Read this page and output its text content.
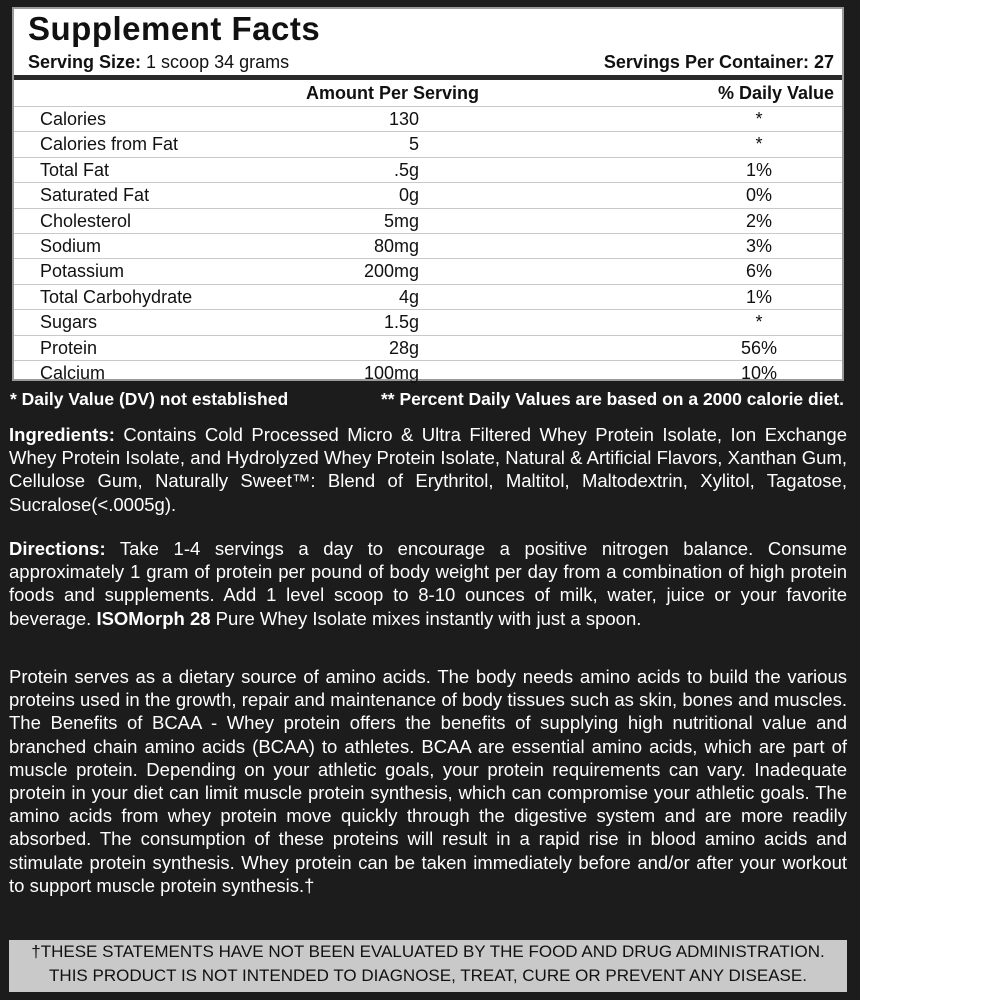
Supplement Facts
Serving Size: 1 scoop 34 grams	Servings Per Container: 27
Amount Per Serving	% Daily Value
Calories	130	*
Calories from Fat	5	*
Total Fat	.5g	1%
Saturated Fat	0g	0%
Cholesterol	5mg	2%
Sodium	80mg	3%
Potassium	200mg	6%
Total Carbohydrate	4g	1%
Sugars	1.5g	*
Protein	28g	56%
Calcium	100mg	10%
* Daily Value (DV) not established	** Percent Daily Values are based on a 2000 calorie diet.
Ingredients: Contains Cold Processed Micro & Ultra Filtered Whey Protein Isolate, Ion Exchange Whey Protein Isolate, and Hydrolyzed Whey Protein Isolate, Natural & Artificial Flavors, Xanthan Gum, Cellulose Gum, Naturally Sweet™: Blend of Erythritol, Maltitol, Maltodextrin, Xylitol, Tagatose, Sucralose(<.0005g).
Directions: Take 1-4 servings a day to encourage a positive nitrogen balance. Consume approximately 1 gram of protein per pound of body weight per day from a combination of high protein foods and supplements. Add 1 level scoop to 8-10 ounces of milk, water, juice or your favorite beverage. ISOMorph 28 Pure Whey Isolate mixes instantly with just a spoon.
Protein serves as a dietary source of amino acids. The body needs amino acids to build the various proteins used in the growth, repair and maintenance of body tissues such as skin, bones and muscles. The Benefits of BCAA - Whey protein offers the benefits of supplying high nutritional value and branched chain amino acids (BCAA) to athletes. BCAA are essential amino acids, which are part of muscle protein. Depending on your athletic goals, your protein requirements can vary. Inadequate protein in your diet can limit muscle protein synthesis, which can compromise your athletic goals. The amino acids from whey protein move quickly through the digestive system and are more readily absorbed. The consumption of these proteins will result in a rapid rise in blood amino acids and stimulate protein synthesis. Whey protein can be taken immediately before and/or after your workout to support muscle protein synthesis.†
†THESE STATEMENTS HAVE NOT BEEN EVALUATED BY THE FOOD AND DRUG ADMINISTRATION.
THIS PRODUCT IS NOT INTENDED TO DIAGNOSE, TREAT, CURE OR PREVENT ANY DISEASE.
